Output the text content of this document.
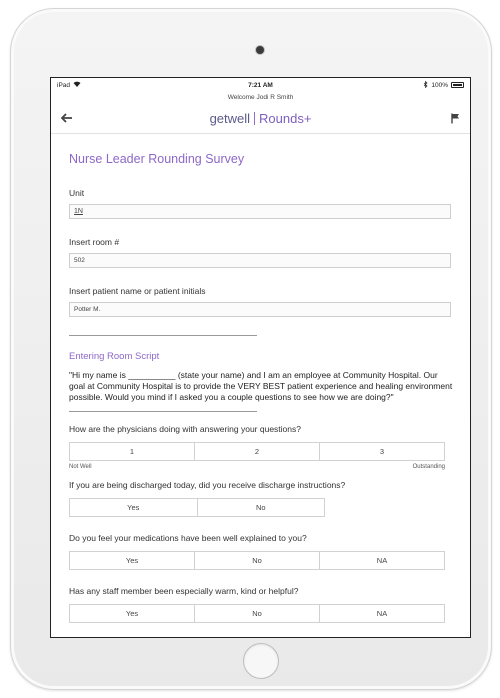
iPad	7:21 AM	100%
Welcome Jodi R Smith
getwell Rounds+
Nurse Leader Rounding Survey
Unit
1N
Insert room #
502
Insert patient name or patient initials
Potter M.
Entering Room Script
"Hi my name is __________ (state your name) and I am an employee at Community Hospital. Our goal at Community Hospital is to provide the VERY BEST patient experience and healing environment possible. Would you mind if I asked you a couple questions to see how we are doing?"
How are the physicians doing with answering your questions?
1	2	3
Not Well	Outstanding
If you are being discharged today, did you receive discharge instructions?
Yes	No
Do you feel your medications have been well explained to you?
Yes	No	NA
Has any staff member been especially warm, kind or helpful?
Yes	No	NA
